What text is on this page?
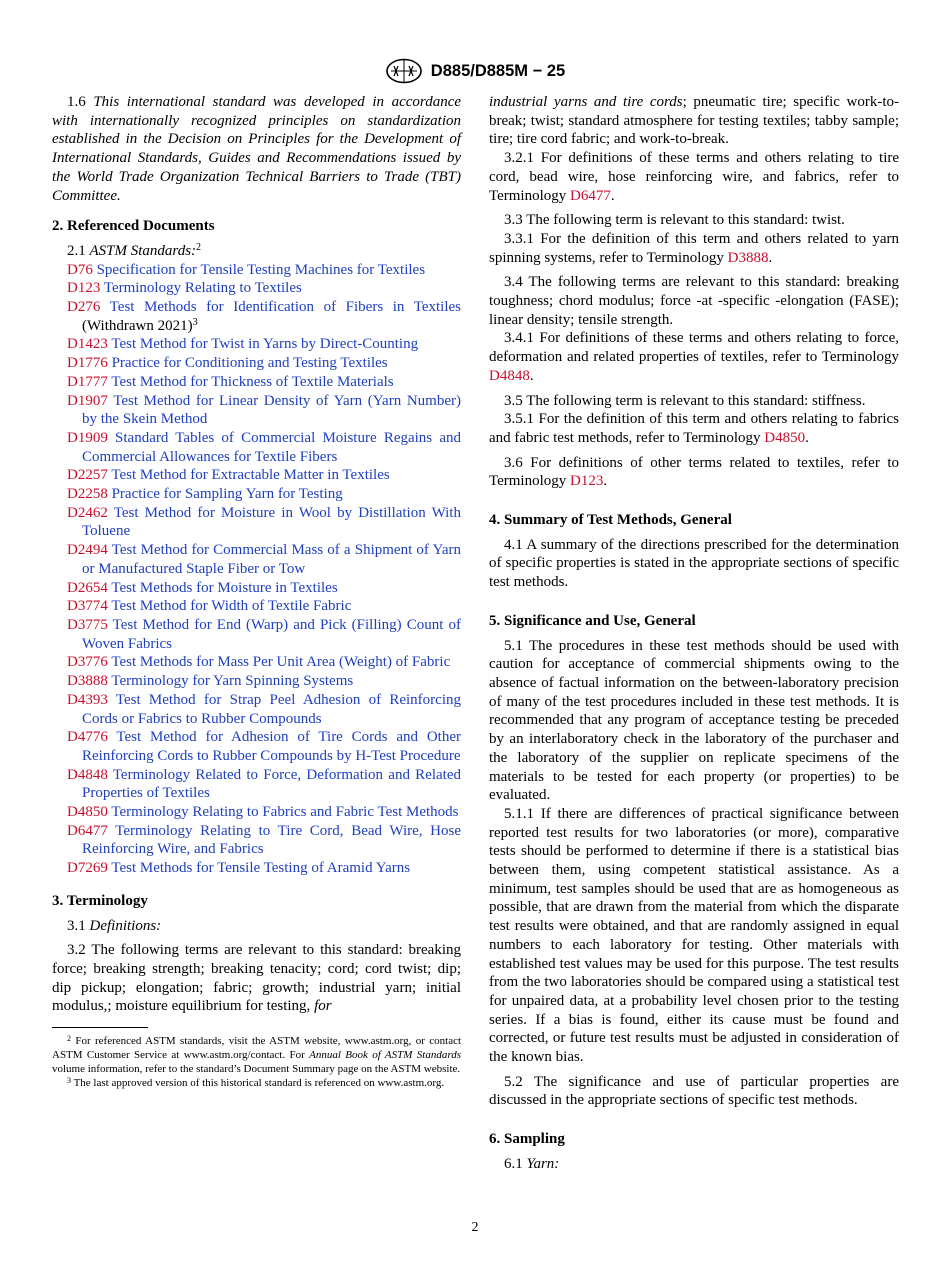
D885/D885M − 25

1.6 This international standard was developed in accordance with internationally recognized principles on standardization established in the Decision on Principles for the Development of International Standards, Guides and Recommendations issued by the World Trade Organization Technical Barriers to Trade (TBT) Committee.

2. Referenced Documents

2.1 ASTM Standards:$^2$

D76 Specification for Tensile Testing Machines for Textiles

D123 Terminology Relating to Textiles

D276 Test Methods for Identification of Fibers in Textiles (Withdrawn 2021)$^3$

D1423 Test Method for Twist in Yarns by Direct-Counting

D1776 Practice for Conditioning and Testing Textiles

D1777 Test Method for Thickness of Textile Materials

D1907 Test Method for Linear Density of Yarn (Yarn Number) by the Skein Method

D1909 Standard Tables of Commercial Moisture Regains and Commercial Allowances for Textile Fibers

D2257 Test Method for Extractable Matter in Textiles

D2258 Practice for Sampling Yarn for Testing

D2462 Test Method for Moisture in Wool by Distillation With Toluene

D2494 Test Method for Commercial Mass of a Shipment of Yarn or Manufactured Staple Fiber or Tow

D2654 Test Methods for Moisture in Textiles

D3774 Test Method for Width of Textile Fabric

D3775 Test Method for End (Warp) and Pick (Filling) Count of Woven Fabrics

D3776 Test Methods for Mass Per Unit Area (Weight) of Fabric

D3888 Terminology for Yarn Spinning Systems

D4393 Test Method for Strap Peel Adhesion of Reinforcing Cords or Fabrics to Rubber Compounds

D4776 Test Method for Adhesion of Tire Cords and Other Reinforcing Cords to Rubber Compounds by H-Test Procedure

D4848 Terminology Related to Force, Deformation and Related Properties of Textiles

D4850 Terminology Relating to Fabrics and Fabric Test Methods

D6477 Terminology Relating to Tire Cord, Bead Wire, Hose Reinforcing Wire, and Fabrics

D7269 Test Methods for Tensile Testing of Aramid Yarns

3. Terminology

3.1 Definitions:

3.2 The following terms are relevant to this standard: breaking force; breaking strength; breaking tenacity; cord; cord twist; dip; dip pickup; elongation; fabric; growth; industrial yarn; initial modulus,; moisture equilibrium for testing, for

$^2$ For referenced ASTM standards, visit the ASTM website, www.astm.org, or contact ASTM Customer Service at www.astm.org/contact. For Annual Book of ASTM Standards volume information, refer to the standard’s Document Summary page on the ASTM website.

$^3$ The last approved version of this historical standard is referenced on www.astm.org.

industrial yarns and tire cords; pneumatic tire; specific work-to-break; twist; standard atmosphere for testing textiles; tabby sample; tire; tire cord fabric; and work-to-break.

3.2.1 For definitions of these terms and others relating to tire cord, bead wire, hose reinforcing wire, and fabrics, refer to Terminology D6477.

3.3 The following term is relevant to this standard: twist.

3.3.1 For the definition of this term and others related to yarn spinning systems, refer to Terminology D3888.

3.4 The following terms are relevant to this standard: breaking toughness; chord modulus; force -at -specific -elongation (FASE); linear density; tensile strength.

3.4.1 For definitions of these terms and others relating to force, deformation and related properties of textiles, refer to Terminology D4848.

3.5 The following term is relevant to this standard: stiffness.

3.5.1 For the definition of this term and others relating to fabrics and fabric test methods, refer to Terminology D4850.

3.6 For definitions of other terms related to textiles, refer to Terminology D123.

4. Summary of Test Methods, General

4.1 A summary of the directions prescribed for the determination of specific properties is stated in the appropriate sections of specific test methods.

5. Significance and Use, General

5.1 The procedures in these test methods should be used with caution for acceptance of commercial shipments owing to the absence of factual information on the between-laboratory precision of many of the test procedures included in these test methods. It is recommended that any program of acceptance testing be preceded by an interlaboratory check in the laboratory of the purchaser and the laboratory of the supplier on replicate specimens of the materials to be tested for each property (or properties) to be evaluated.

5.1.1 If there are differences of practical significance between reported test results for two laboratories (or more), comparative tests should be performed to determine if there is a statistical bias between them, using competent statistical assistance. As a minimum, test samples should be used that are as homogeneous as possible, that are drawn from the material from which the disparate test results were obtained, and that are randomly assigned in equal numbers to each laboratory for testing. Other materials with established test values may be used for this purpose. The test results from the two laboratories should be compared using a statistical test for unpaired data, at a probability level chosen prior to the testing series. If a bias is found, either its cause must be found and corrected, or future test results must be adjusted in consideration of the known bias.

5.2 The significance and use of particular properties are discussed in the appropriate sections of specific test methods.

6. Sampling

6.1 Yarn:

2
